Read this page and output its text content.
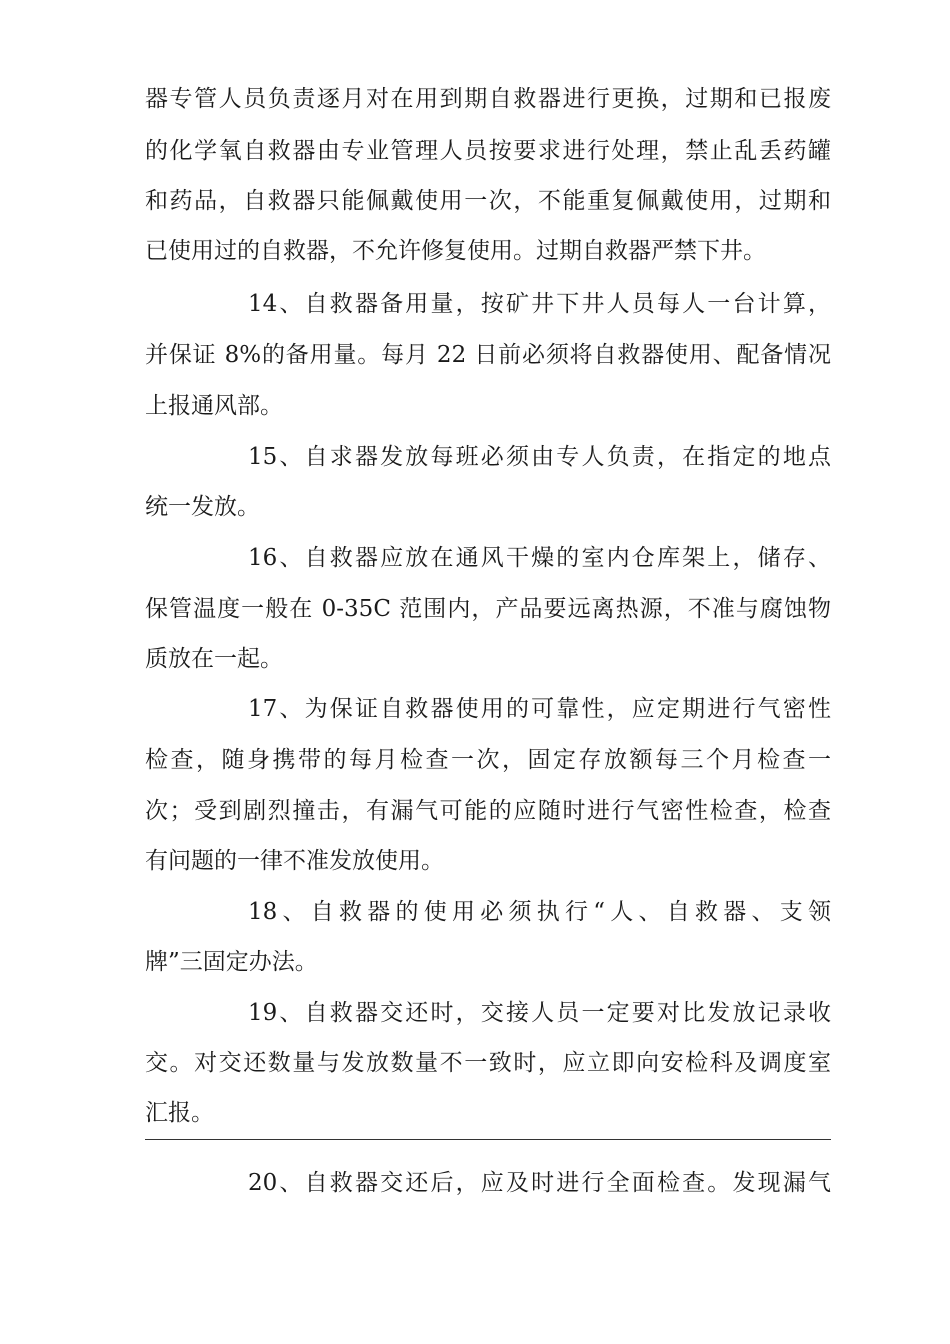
器专管人员负责逐月对在用到期自救器进行更换，过期和已报废
的化学氧自救器由专业管理人员按要求进行处理，禁止乱丢药罐
和药品，自救器只能佩戴使用一次，不能重复佩戴使用，过期和
已使用过的自救器，不允许修复使用。过期自救器严禁下井。
14、自救器备用量，按矿井下井人员每人一台计算，
并保证 8%的备用量。每月 22 日前必须将自救器使用、配备情况
上报通风部。
15、自求器发放每班必须由专人负责，在指定的地点
统一发放。
16、自救器应放在通风干燥的室内仓库架上，储存、
保管温度一般在 0-35C 范围内，产品要远离热源，不准与腐蚀物
质放在一起。
17、为保证自救器使用的可靠性，应定期进行气密性
检查，随身携带的每月检查一次，固定存放额每三个月检查一
次；受到剧烈撞击，有漏气可能的应随时进行气密性检查，检查
有问题的一律不准发放使用。
18、自救器的使用必须执行“人、自救器、支领
牌”三固定办法。
19、自救器交还时，交接人员一定要对比发放记录收
交。对交还数量与发放数量不一致时，应立即向安检科及调度室
汇报。
20、自救器交还后，应及时进行全面检查。发现漏气
